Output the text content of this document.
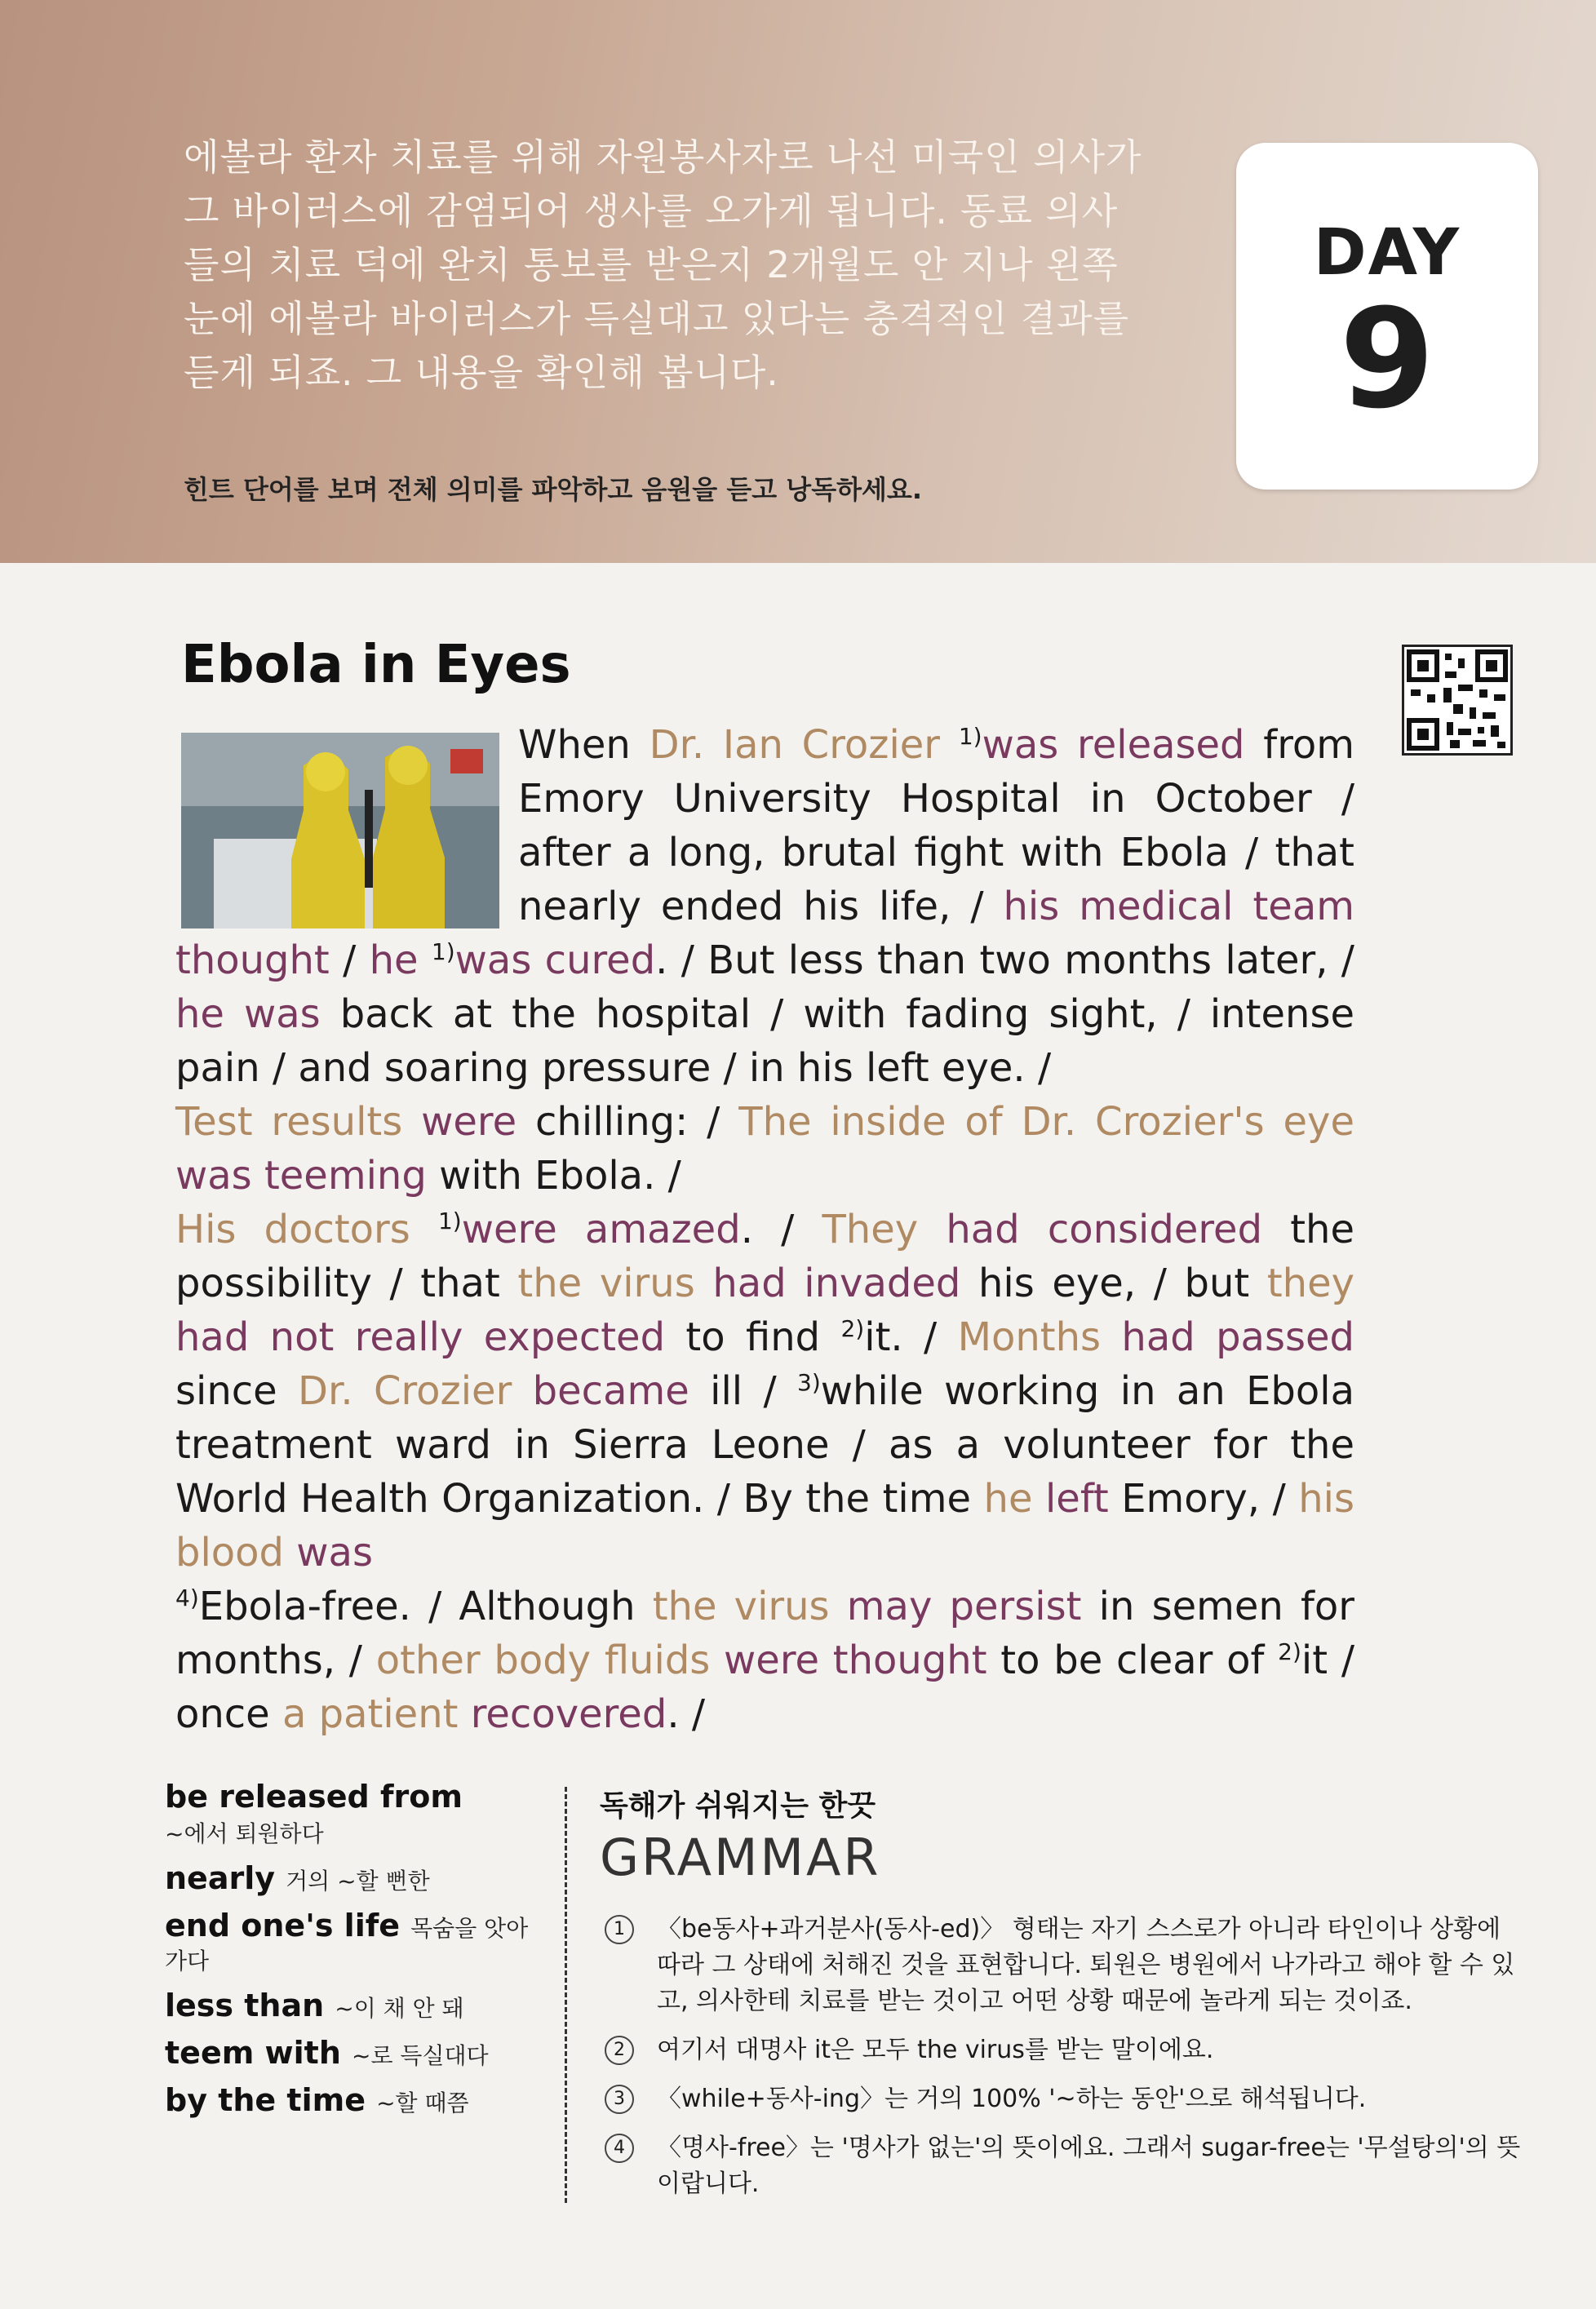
에볼라 환자 치료를 위해 자원봉사자로 나선 미국인 의사가 그 바이러스에 감염되어 생사를 오가게 됩니다. 동료 의사들의 치료 덕에 완치 통보를 받은지 2개월도 안 지나 왼쪽 눈에 에볼라 바이러스가 득실대고 있다는 충격적인 결과를 듣게 되죠. 그 내용을 확인해 봅니다.

힌트 단어를 보며 전체 의미를 파악하고 음원을 듣고 낭독하세요.

DAY
9
Ebola in Eyes

When Dr. Ian Crozier $^{1)}$was released from Emory University Hospital in October / after a long, brutal fight with Ebola / that nearly ended his life, / his medical team thought / he $^{1)}$was cured. / But less than two months later, / he was back at the hospital / with fading sight, / intense pain / and soaring pressure / in his left eye. /
Test results were chilling: / The inside of Dr. Crozier's eye was teeming with Ebola. /
His doctors $^{1)}$were amazed. / They had considered the possibility / that the virus had invaded his eye, / but they had not really expected to find $^{2)}$it. / Months had passed since Dr. Crozier became ill / $^{3)}$while working in an Ebola treatment ward in Sierra Leone / as a volunteer for the World Health Organization. / By the time he left Emory, / his blood was
$^{4)}$Ebola-free. / Although the virus may persist in semen for months, / other body fluids were thought to be clear of $^{2)}$it / once a patient recovered. /

be released from
~에서 퇴원하다
nearly 거의 ~할 뻔한
end one's life 목숨을 앗아가다
less than ~이 채 안 돼
teem with ~로 득실대다
by the time ~할 때쯤

독해가 쉬워지는 한끗

GRAMMAR

1	〈be동사+과거분사(동사-ed)〉 형태는 자기 스스로가 아니라 타인이나 상황에 따라 그 상태에 처해진 것을 표현합니다. 퇴원은 병원에서 나가라고 해야 할 수 있고, 의사한테 치료를 받는 것이고 어떤 상황 때문에 놀라게 되는 것이죠.
2	여기서 대명사 it은 모두 the virus를 받는 말이에요.
3	〈while+동사-ing〉는 거의 100% '~하는 동안'으로 해석됩니다.
4	〈명사-free〉는 '명사가 없는'의 뜻이에요. 그래서 sugar-free는 '무설탕의'의 뜻이랍니다.
